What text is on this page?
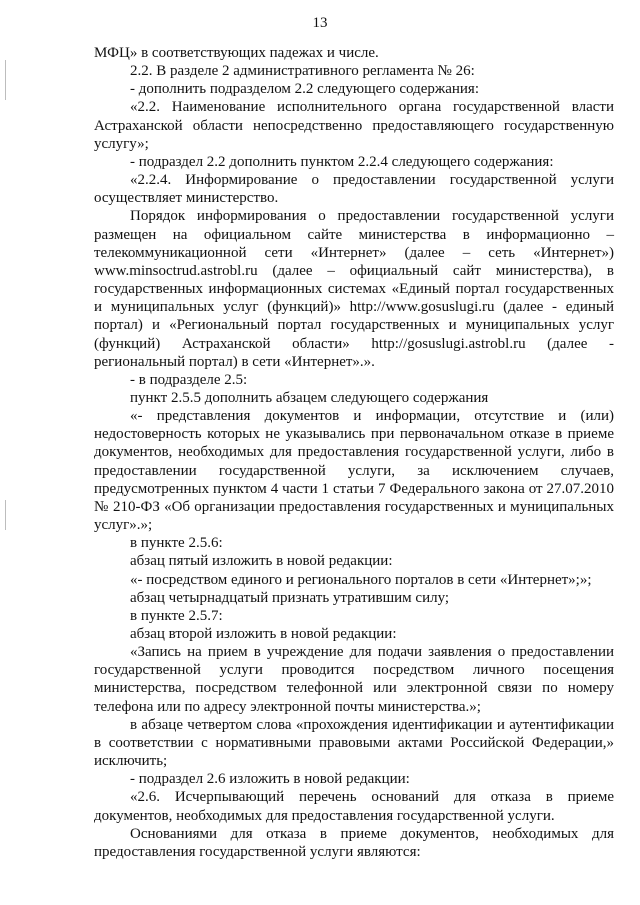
13

МФЦ» в соответствующих падежах и числе.

2.2. В разделе 2 административного регламента № 26:

- дополнить подразделом 2.2 следующего содержания:

«2.2. Наименование исполнительного органа государственной власти Астраханской области непосредственно предоставляющего государственную услугу»;

- подраздел 2.2 дополнить пунктом 2.2.4 следующего содержания:

«2.2.4. Информирование о предоставлении государственной услуги осуществляет министерство.

Порядок информирования о предоставлении государственной услуги размещен на официальном сайте министерства в информационно – телекоммуникационной сети «Интернет» (далее – сеть «Интернет») www.minsoctrud.astrobl.ru (далее – официальный сайт министерства), в государственных информационных системах «Единый портал государственных и муниципальных услуг (функций)» http://www.gosuslugi.ru (далее - единый портал) и «Региональный портал государственных и муниципальных услуг (функций) Астраханской области» http://gosuslugi.astrobl.ru (далее - региональный портал) в сети «Интернет».».

- в подразделе 2.5:

пункт 2.5.5 дополнить абзацем следующего содержания

«- представления документов и информации, отсутствие и (или) недостоверность которых не указывались при первоначальном отказе в приеме документов, необходимых для предоставления государственной услуги, либо в предоставлении государственной услуги, за исключением случаев, предусмотренных пунктом 4 части 1 статьи 7 Федерального закона от 27.07.2010 № 210-ФЗ «Об организации предоставления государственных и муниципальных услуг».»;

в пункте 2.5.6:

абзац пятый изложить в новой редакции:

«- посредством единого и регионального порталов в сети «Интернет»;»;

абзац четырнадцатый признать утратившим силу;

в пункте 2.5.7:

абзац второй изложить в новой редакции:

«Запись на прием в учреждение для подачи заявления о предоставлении государственной услуги проводится посредством личного посещения министерства, посредством телефонной или электронной связи по номеру телефона или по адресу электронной почты министерства.»;

в абзаце четвертом слова «прохождения идентификации и аутентификации в соответствии с нормативными правовыми актами Российской Федерации,» исключить;

- подраздел 2.6 изложить в новой редакции:

«2.6. Исчерпывающий перечень оснований для отказа в приеме документов, необходимых для предоставления государственной услуги.

Основаниями для отказа в приеме документов, необходимых для предоставления государственной услуги являются:
